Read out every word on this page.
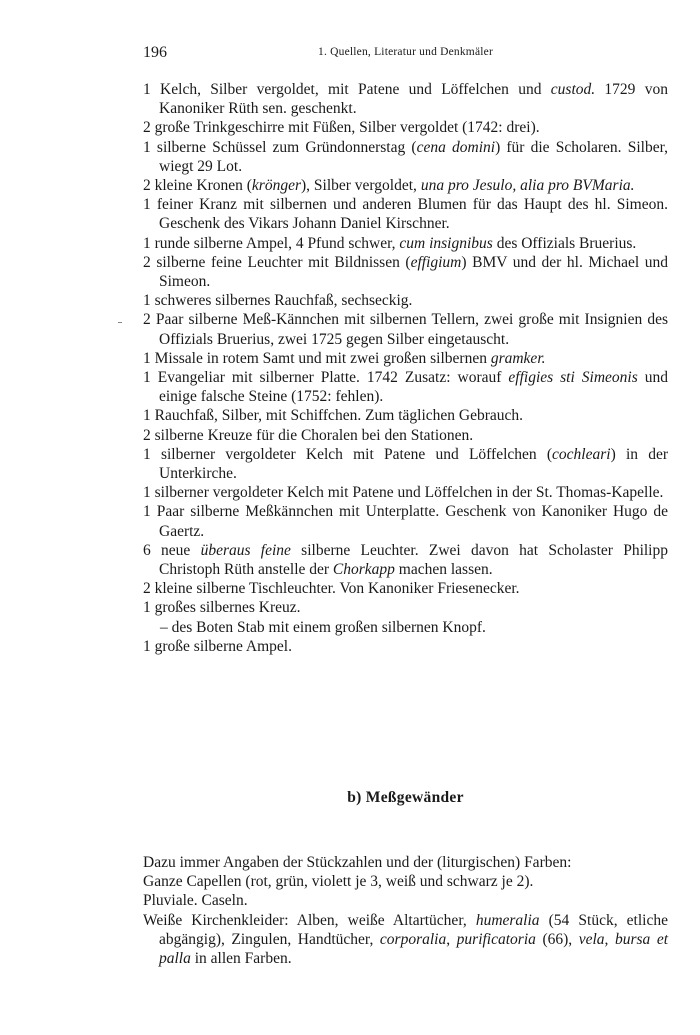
196	1. Quellen, Literatur und Denkmäler
1 Kelch, Silber vergoldet, mit Patene und Löffelchen und custod. 1729 von Kanoniker Rüth sen. geschenkt.
2 große Trinkgeschirre mit Füßen, Silber vergoldet (1742: drei).
1 silberne Schüssel zum Gründonnerstag (cena domini) für die Scholaren. Silber, wiegt 29 Lot.
2 kleine Kronen (krönger), Silber vergoldet, una pro Jesulo, alia pro BVMaria.
1 feiner Kranz mit silbernen und anderen Blumen für das Haupt des hl. Simeon. Geschenk des Vikars Johann Daniel Kirschner.
1 runde silberne Ampel, 4 Pfund schwer, cum insignibus des Offizials Bruerius.
2 silberne feine Leuchter mit Bildnissen (effigium) BMV und der hl. Michael und Simeon.
1 schweres silbernes Rauchfaß, sechseckig.
2 Paar silberne Meß-Kännchen mit silbernen Tellern, zwei große mit Insignien des Offizials Bruerius, zwei 1725 gegen Silber eingetauscht.
1 Missale in rotem Samt und mit zwei großen silbernen gramker.
1 Evangeliar mit silberner Platte. 1742 Zusatz: worauf effigies sti Simeonis und einige falsche Steine (1752: fehlen).
1 Rauchfaß, Silber, mit Schiffchen. Zum täglichen Gebrauch.
2 silberne Kreuze für die Choralen bei den Stationen.
1 silberner vergoldeter Kelch mit Patene und Löffelchen (cochleari) in der Unterkirche.
1 silberner vergoldeter Kelch mit Patene und Löffelchen in der St. Thomas-Kapelle.
1 Paar silberne Meßkännchen mit Unterplatte. Geschenk von Kanoniker Hugo de Gaertz.
6 neue überaus feine silberne Leuchter. Zwei davon hat Scholaster Philipp Christoph Rüth anstelle der Chorkapp machen lassen.
2 kleine silberne Tischleuchter. Von Kanoniker Friesenecker.
1 großes silbernes Kreuz.
– des Boten Stab mit einem großen silbernen Knopf.
1 große silberne Ampel.
b) Meßgewänder

Dazu immer Angaben der Stückzahlen und der (liturgischen) Farben:

Ganze Capellen (rot, grün, violett je 3, weiß und schwarz je 2).

Pluviale. Caseln.

Weiße Kirchenkleider: Alben, weiße Altartücher, humeralia (54 Stück, etliche abgängig), Zingulen, Handtücher, corporalia, purificatoria (66), vela, bursa et palla in allen Farben.
